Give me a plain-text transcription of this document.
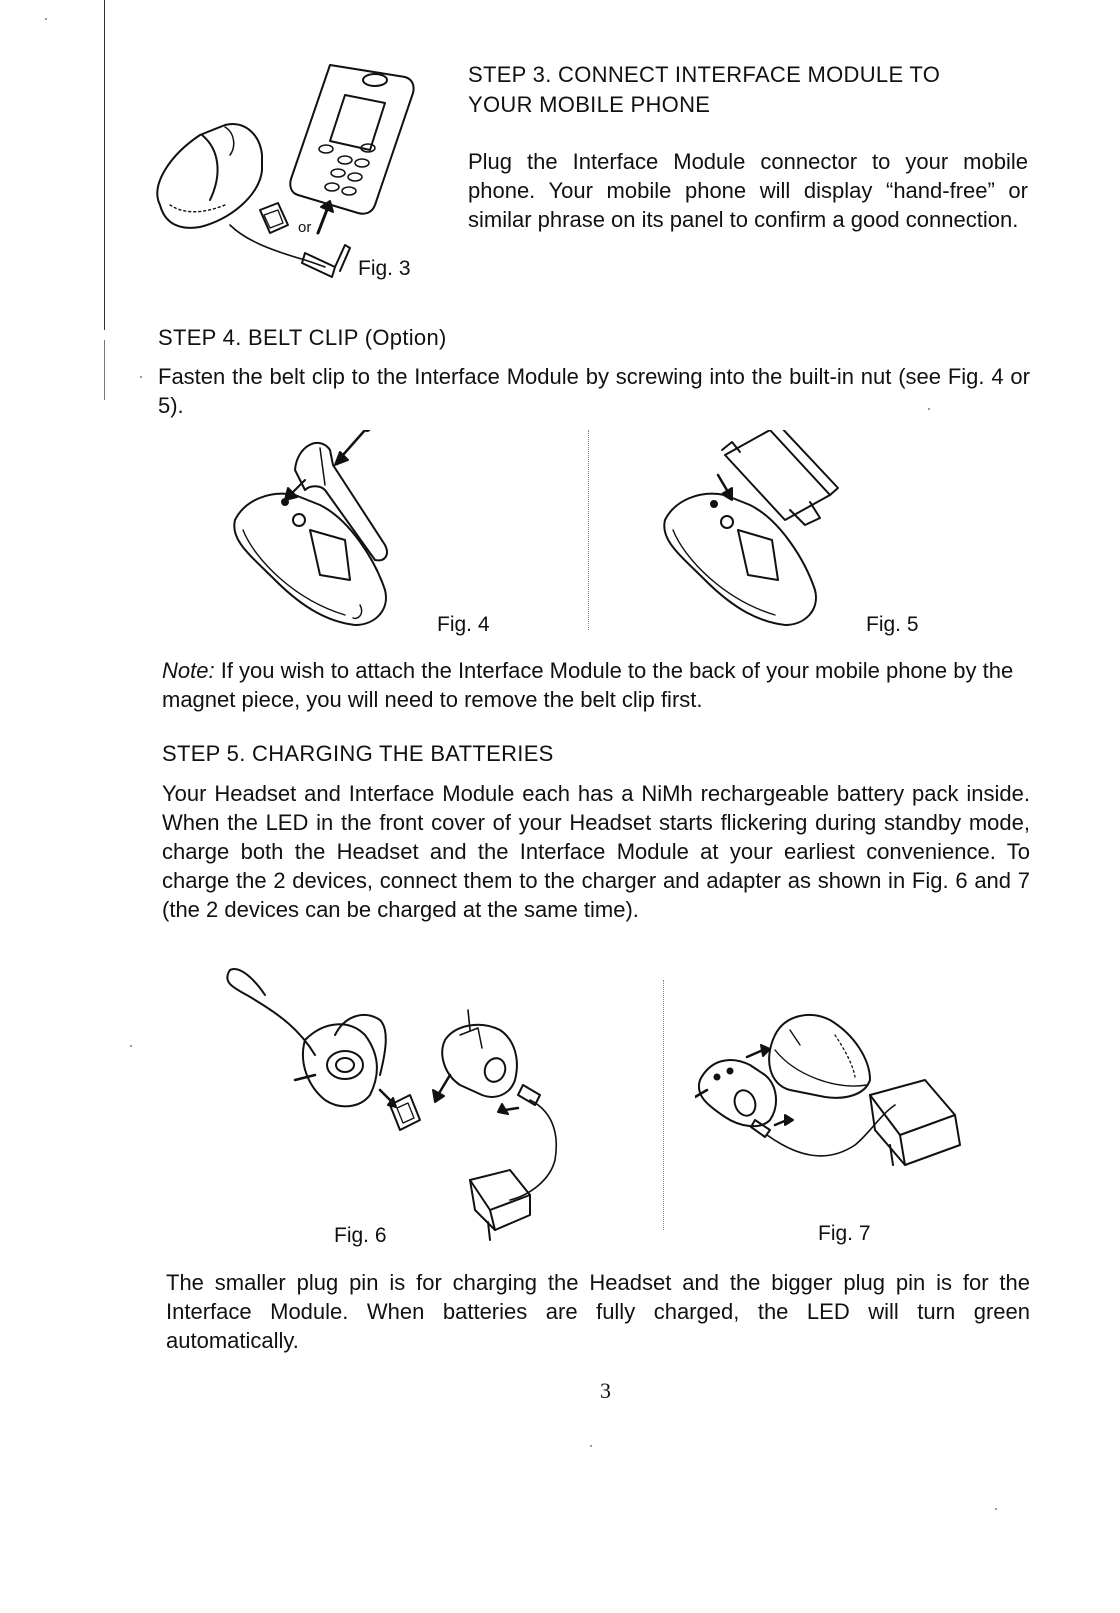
or
Fig. 3
STEP 3. CONNECT INTERFACE MODULE TO
YOUR MOBILE PHONE

Plug the Interface Module connector to your mobile phone. Your mobile phone will display “hand-free” or similar phrase on its panel to confirm a good connection.

STEP 4. BELT CLIP (Option)

Fasten the belt clip to the Interface Module by screwing into the built-in nut (see Fig. 4 or 5).

Fig. 4	Fig. 5

Note: If you wish to attach the Interface Module to the back of your mobile phone by the magnet piece, you will need to remove the belt clip first.

STEP 5. CHARGING THE BATTERIES

Your Headset and Interface Module each has a NiMh rechargeable battery pack inside. When the LED in the front cover of your Headset starts flickering during standby mode, charge both the Headset and the Interface Module at your earliest convenience. To charge the 2 devices, connect them to the charger and adapter as shown in Fig. 6 and 7 (the 2 devices can be charged at the same time).

Fig. 6	Fig. 7

The smaller plug pin is for charging the Headset and the bigger plug pin is for the Interface Module. When batteries are fully charged, the LED will turn green automatically.

3
